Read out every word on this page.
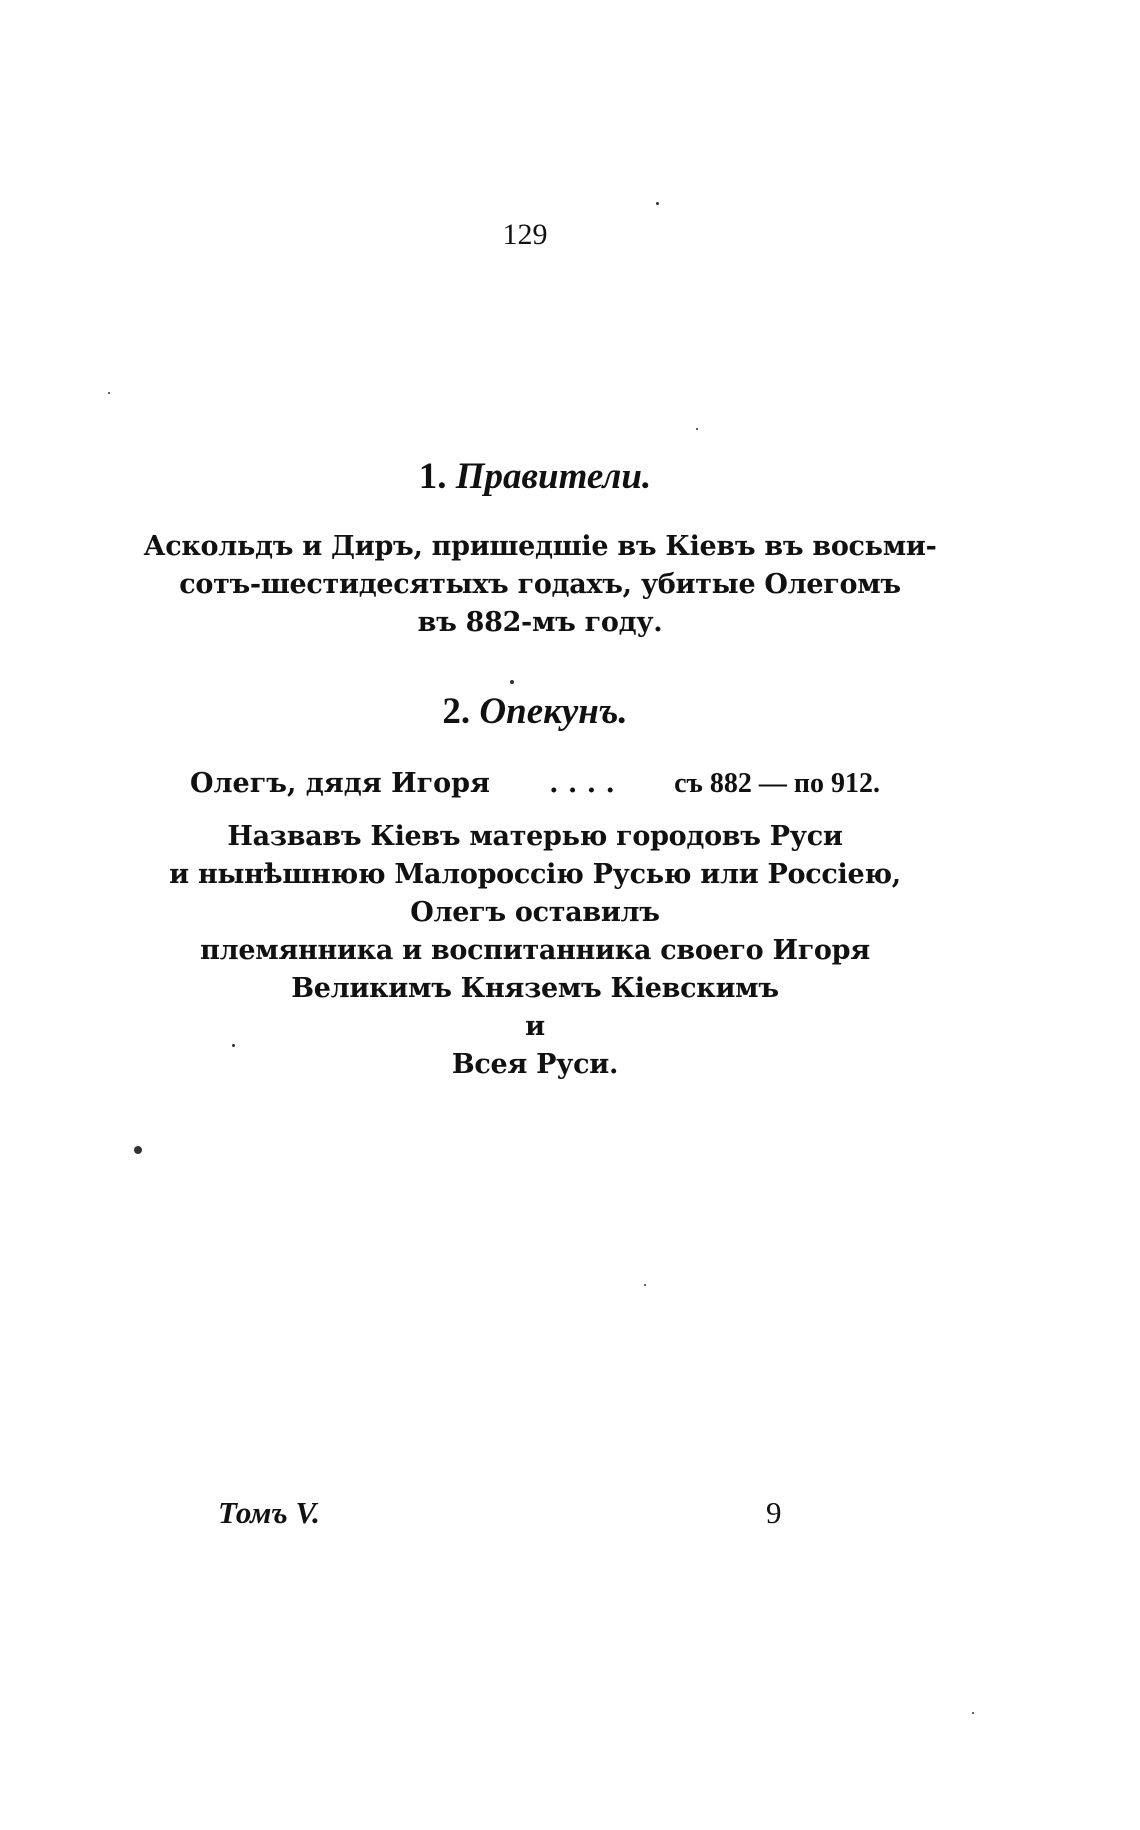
129
1. Правители.
Аскольдъ и Диръ, пришедшіе въ Кіевъ въ восьми-
сотъ-шестидесятыхъ годахъ, убитые Олегомъ
въ 882-мъ году.
2. Опекунъ.
Олегъ, дядя Игоря . . . . съ 882 — по 912.
Назвавъ Кіевъ матерью городовъ Руси
и нынѣшнюю Малороссію Русью или Россіею,
Олегъ оставилъ
племянника и воспитанника своего Игоря
Великимъ Княземъ Кіевскимъ
и
Всея Руси.
Томъ V.	9
